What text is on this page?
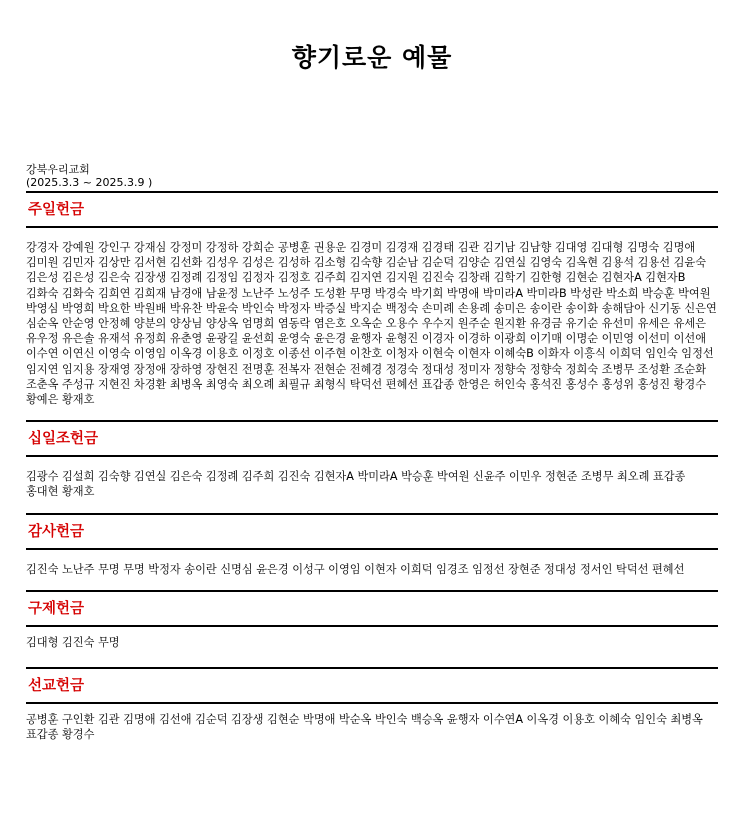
향기로운 예물
강북우리교회
(2025.3.3 ~ 2025.3.9 )
주일헌금
강경자 강예원 강인구 강재심 강정미 강정하 강희순 공병훈 권용운 김경미 김경재 김경태 김관 김기남 김남향 김대영 김대형 김명숙 김명애 김미원 김민자 김상만 김서현 김선화 김성우 김성은 김성하 김소형 김숙향 김순남 김순덕 김양순 김연실 김영숙 김옥현 김용석 김용선 김윤숙 김은성 김은성 김은숙 김장생 김정례 김정임 김정자 김정호 김주희 김지연 김지원 김진숙 김창래 김학기 김한형 김현순 김현자A 김현자B 김화숙 김화숙 김희연 김희재 남경애 남윤정 노난주 노성주 도성환 무명 박경숙 박기희 박명애 박미라A 박미라B 박성란 박소희 박승훈 박여원 박영심 박영희 박요한 박원배 박유찬 박윤숙 박인숙 박정자 박증실 박지순 백정숙 손미례 손용례 송미은 송이란 송이화 송해담아 신기동 신은연 심순옥 안순영 안정혜 양분의 양상님 양상옥 엄명희 염동락 염은호 오옥순 오용수 우수지 원주순 원지환 유경금 유기순 유선미 유세은 유세은 유우정 유은솔 유재석 유정희 유춘영 윤광길 윤선희 윤영숙 윤은경 윤행자 윤형진 이경자 이경하 이광희 이기매 이명순 이민영 이선미 이선애 이수연 이연신 이영숙 이영임 이옥경 이용호 이정호 이종선 이주현 이찬호 이청자 이현숙 이현자 이혜숙B 이화자 이흥식 이희덕 임인숙 임정선 임지연 임지용 장재영 장정애 장하영 장현진 전명훈 전복자 전현순 전혜경 정경숙 정대성 정미자 정향숙 정향숙 정희숙 조병무 조성환 조순화 조춘옥 주성규 지현진 차경환 최병옥 최영숙 최오례 최필규 최형식 탁덕선 편혜선 표갑종 한영은 허인숙 홍석진 홍성수 홍성위 홍성진 황경수 황예은 황재호
십일조헌금
김광수 김설희 김숙향 김연실 김은숙 김정례 김주희 김진숙 김현자A 박미라A 박승훈 박여원 신윤주 이민우 정현준 조병무 최오례 표갑종 홍대현 황재호
감사헌금
김진숙 노난주 무명 무명 박정자 송이란 신명심 윤은경 이성구 이영임 이현자 이희덕 임경조 임정선 장현준 정대성 정서인 탁덕선 편혜선
구제헌금
김대형 김진숙 무명
선교헌금
공병훈 구인환 김관 김명애 김선애 김순덕 김장생 김현순 박명애 박순옥 박인숙 백승옥 윤행자 이수연A 이옥경 이용호 이혜숙 임인숙 최병옥 표갑종 황경수
